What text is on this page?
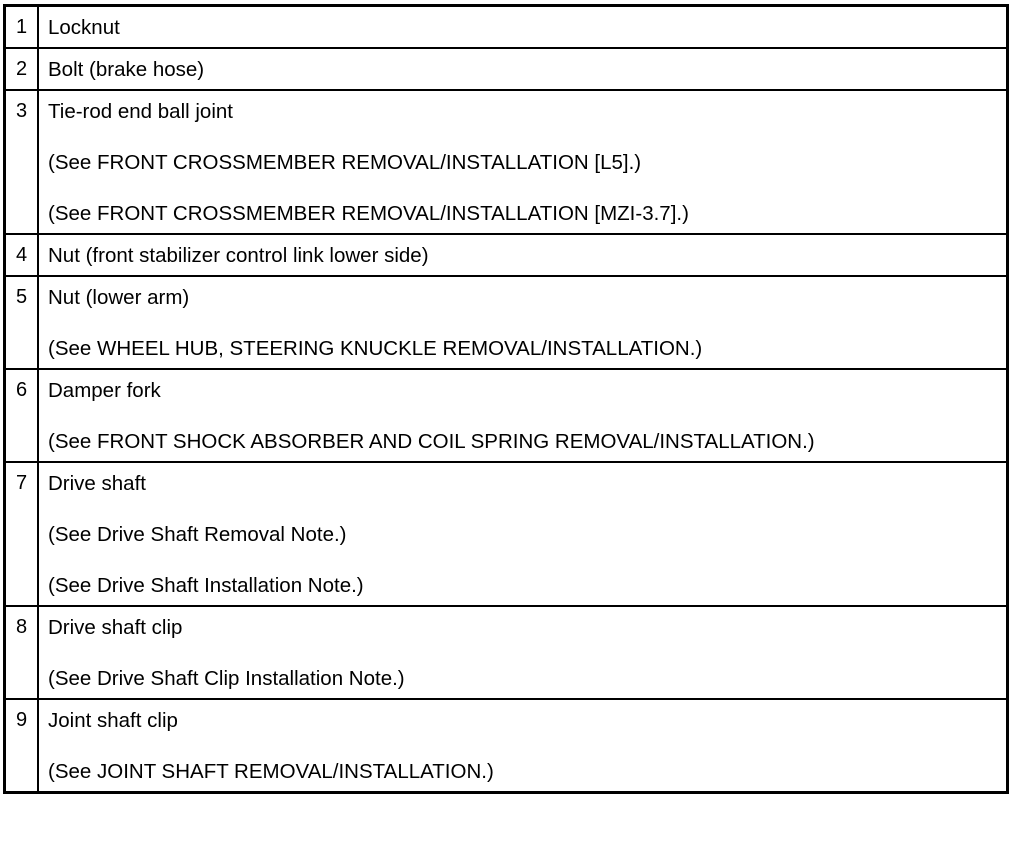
1	Locknut

2	Bolt (brake hose)

3	Tie-rod end ball joint
(See FRONT CROSSMEMBER REMOVAL/INSTALLATION [L5].)
(See FRONT CROSSMEMBER REMOVAL/INSTALLATION [MZI-3.7].)

4	Nut (front stabilizer control link lower side)

5	Nut (lower arm)
(See WHEEL HUB, STEERING KNUCKLE REMOVAL/INSTALLATION.)

6	Damper fork
(See FRONT SHOCK ABSORBER AND COIL SPRING REMOVAL/INSTALLATION.)

7	Drive shaft
(See Drive Shaft Removal Note.)
(See Drive Shaft Installation Note.)

8	Drive shaft clip
(See Drive Shaft Clip Installation Note.)

9	Joint shaft clip
(See JOINT SHAFT REMOVAL/INSTALLATION.)
